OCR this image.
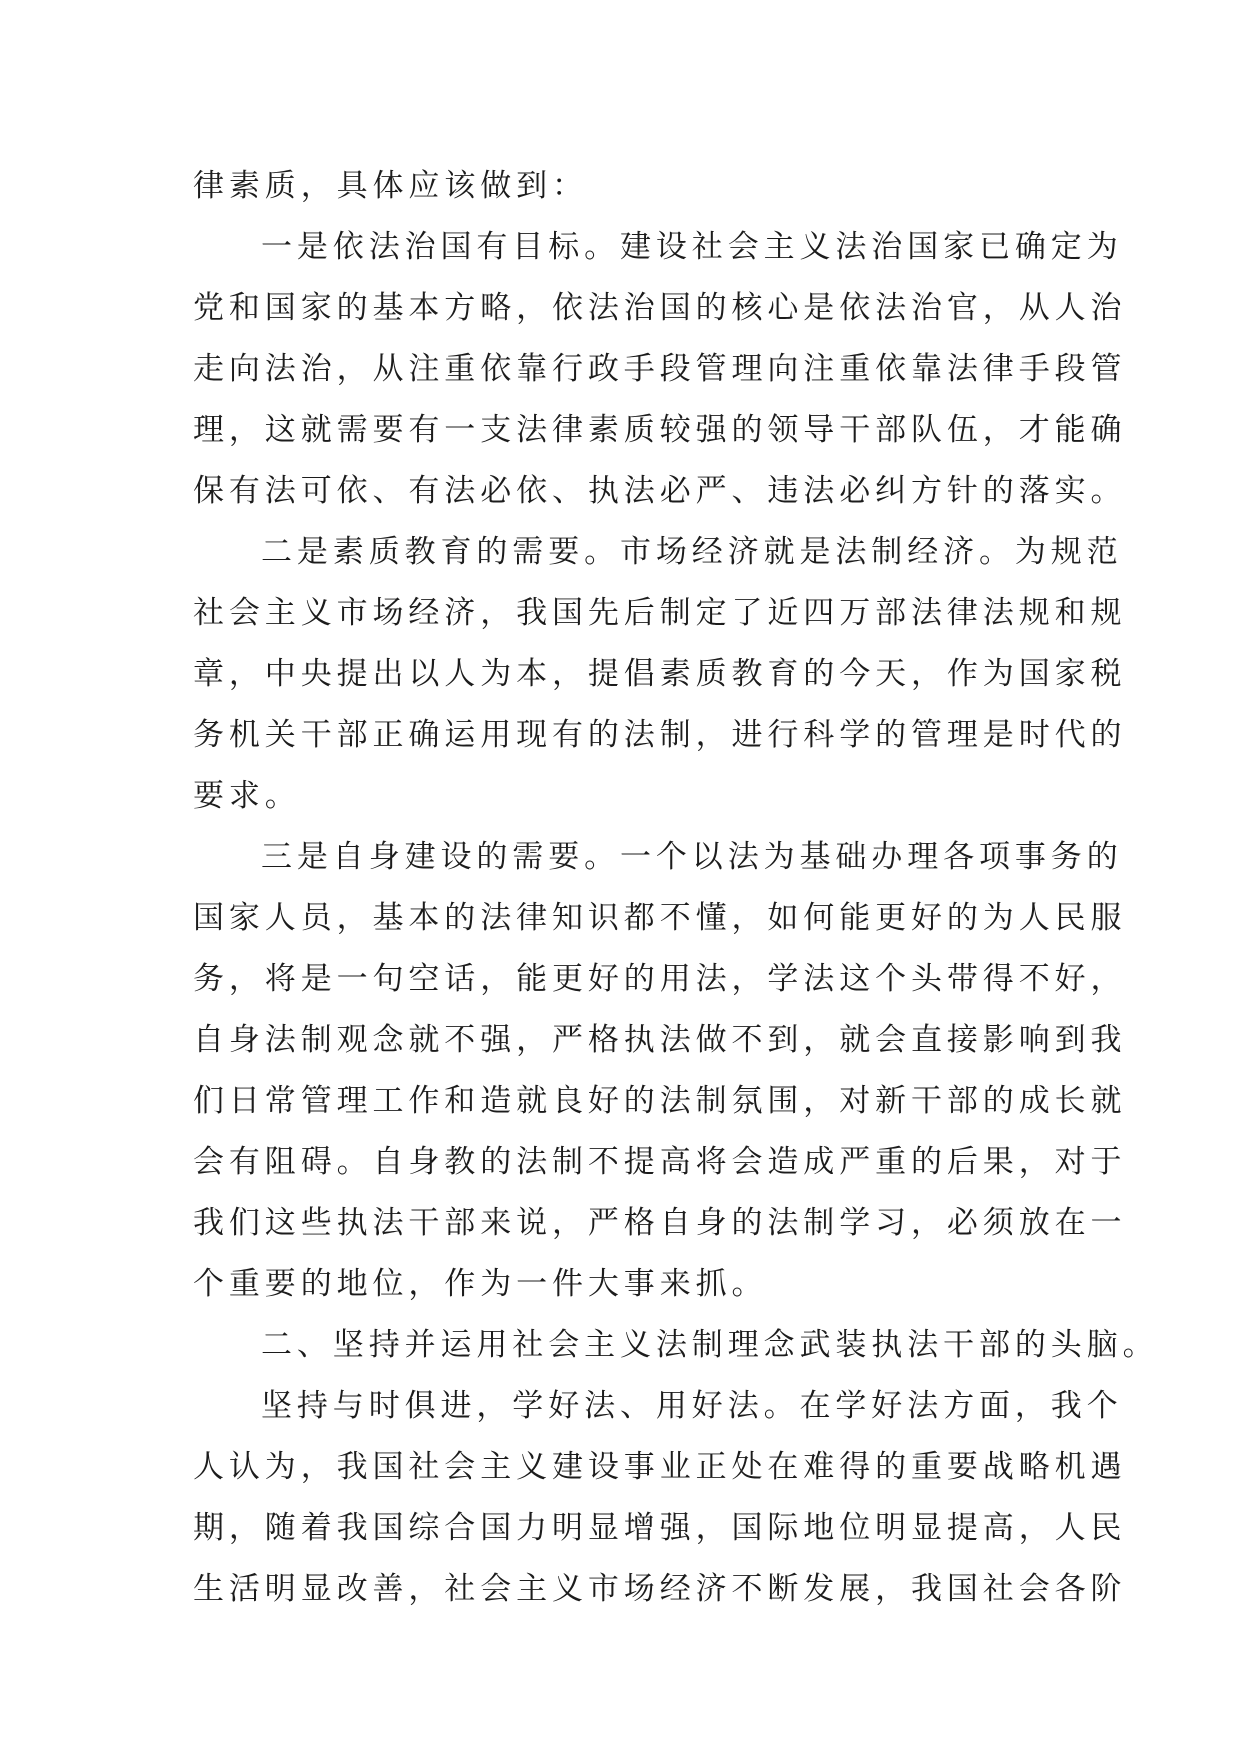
律素质，具体应该做到：
一是依法治国有目标。建设社会主义法治国家已确定为
党和国家的基本方略，依法治国的核心是依法治官，从人治
走向法治，从注重依靠行政手段管理向注重依靠法律手段管
理，这就需要有一支法律素质较强的领导干部队伍，才能确
保有法可依、有法必依、执法必严、违法必纠方针的落实。
二是素质教育的需要。市场经济就是法制经济。为规范
社会主义市场经济，我国先后制定了近四万部法律法规和规
章，中央提出以人为本，提倡素质教育的今天，作为国家税
务机关干部正确运用现有的法制，进行科学的管理是时代的
要求。
三是自身建设的需要。一个以法为基础办理各项事务的
国家人员，基本的法律知识都不懂，如何能更好的为人民服
务，将是一句空话，能更好的用法，学法这个头带得不好，
自身法制观念就不强，严格执法做不到，就会直接影响到我
们日常管理工作和造就良好的法制氛围，对新干部的成长就
会有阻碍。自身教的法制不提高将会造成严重的后果，对于
我们这些执法干部来说，严格自身的法制学习，必须放在一
个重要的地位，作为一件大事来抓。
二、坚持并运用社会主义法制理念武装执法干部的头脑。
坚持与时俱进，学好法、用好法。在学好法方面，我个
人认为，我国社会主义建设事业正处在难得的重要战略机遇
期，随着我国综合国力明显增强，国际地位明显提高，人民
生活明显改善，社会主义市场经济不断发展，我国社会各阶
